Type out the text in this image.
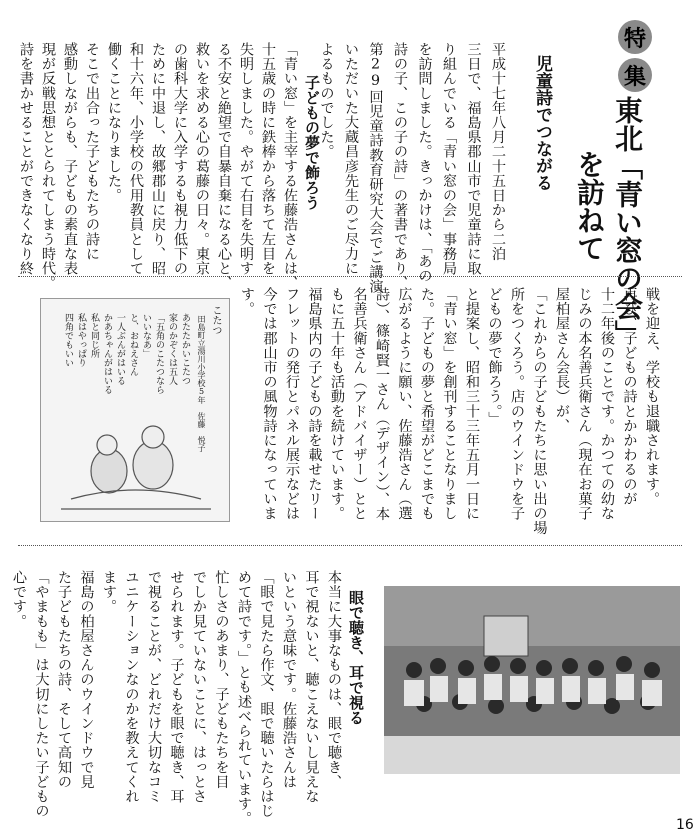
特
集
東北「青い窓の会」
を訪ねて
児童詩でつながる
平成十七年八月二十五日から二泊
三日で、福島県郡山市で児童詩に取
り組んでいる「青い窓の会」事務局
を訪問しました。きっかけは、「あの
詩の子、この子の詩」の著書であり、
第29回児童詩教育研究大会でご講演
いただいた大蔵昌彦先生のご尽力に
よるものでした。
子どもの夢で飾ろう
「青い窓」を主宰する佐藤浩さんは、
十五歳の時に鉄棒から落ちて左目を
失明しました。やがて右目を失明す
る不安と絶望で自暴自棄になる心と、
救いを求める心の葛藤の日々。東京
の歯科大学に入学するも視力低下の
ために中退し、故郷郡山に戻り、昭
和十六年、小学校の代用教員として
働くことになりました。
そこで出合った子どもたちの詩に
感動しながらも、子どもの素直な表
現が反戦思想ととられてしまう時代。
詩を書かせることができなくなり終
戦を迎え、学校も退職されます。
再び、子どもの詩とかかわるのが
十二年後のことです。かつての幼な
じみの本名善兵衛さん（現在お菓子
屋柏屋さん会長）が、
「これからの子どもたちに思い出の場
所をつくろう。店のウインドウを子
どもの夢で飾ろう。」
と提案し、昭和三十三年五月一日に
「青い窓」を創刊することなりまし
た。子どもの夢と希望がどこまでも
広がるように願い、佐藤浩さん（選
詩）、篠崎賢一さん（デザイン）、本
名善兵衛さん（アドバイザー）とと
もに五十年も活動を続けています。
福島県内の子どもの詩を載せたリー
フレットの発行とパネル展示などは
今では郡山市の風物詩になっていま
す。
こたつ
田島町立湯川小学校5年　佐藤　悦子
あたたかいこたつ
家のかぞくは五人
「五角のこたつなら
いいなあ」
と、おねえさん
一人ぶんがはいる
かあちゃんがはいる
私と同じ所
私はやっぱり
四角でもいい
眼で聴き、耳で視る
本当に大事なものは、眼で聴き、
耳で視ないと、聴こえないし見えな
いという意味です。佐藤浩さんは
「眼で見たら作文、眼で聴いたらはじ
めて詩です。」とも述べられています。
忙しさのあまり、子どもたちを目
でしか見ていないことに、はっとさ
せられます。子どもを眼で聴き、耳
で視ることが、どれだけ大切なコミ
ユニケーションなのかを教えてくれ
ます。
福島の柏屋さんのウインドウで見
た子どもたちの詩、そして高知の
「やまもも」は大切にしたい子どもの
心です。
16
